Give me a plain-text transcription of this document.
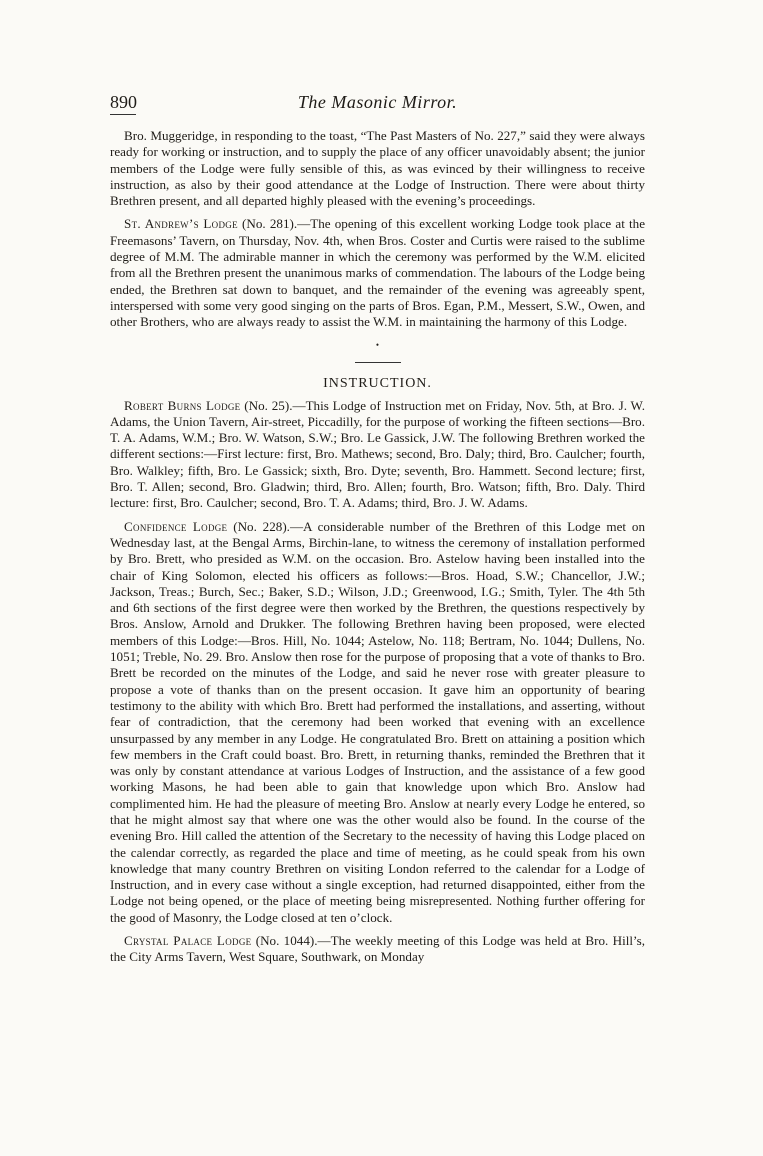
890	The Masonic Mirror.

Bro. Muggeridge, in responding to the toast, “The Past Masters of No. 227,” said they were always ready for working or instruction, and to supply the place of any officer unavoidably absent; the junior members of the Lodge were fully sensible of this, as was evinced by their willingness to receive instruction, as also by their good attendance at the Lodge of Instruction. There were about thirty Brethren present, and all departed highly pleased with the evening’s proceedings.

St. Andrew’s Lodge (No. 281).—The opening of this excellent working Lodge took place at the Freemasons’ Tavern, on Thursday, Nov. 4th, when Bros. Coster and Curtis were raised to the sublime degree of M.M. The admirable manner in which the ceremony was performed by the W.M. elicited from all the Brethren present the unanimous marks of commendation. The labours of the Lodge being ended, the Brethren sat down to banquet, and the remainder of the evening was agreeably spent, interspersed with some very good singing on the parts of Bros. Egan, P.M., Messert, S.W., Owen, and other Brothers, who are always ready to assist the W.M. in maintaining the harmony of this Lodge.

•
INSTRUCTION.

Robert Burns Lodge (No. 25).—This Lodge of Instruction met on Friday, Nov. 5th, at Bro. J. W. Adams, the Union Tavern, Air-street, Piccadilly, for the purpose of working the fifteen sections—Bro. T. A. Adams, W.M.; Bro. W. Watson, S.W.; Bro. Le Gassick, J.W. The following Brethren worked the different sections:—First lecture: first, Bro. Mathews; second, Bro. Daly; third, Bro. Caulcher; fourth, Bro. Walkley; fifth, Bro. Le Gassick; sixth, Bro. Dyte; seventh, Bro. Hammett. Second lecture; first, Bro. T. Allen; second, Bro. Gladwin; third, Bro. Allen; fourth, Bro. Watson; fifth, Bro. Daly. Third lecture: first, Bro. Caulcher; second, Bro. T. A. Adams; third, Bro. J. W. Adams.

Confidence Lodge (No. 228).—A considerable number of the Brethren of this Lodge met on Wednesday last, at the Bengal Arms, Birchin-lane, to witness the ceremony of installation performed by Bro. Brett, who presided as W.M. on the occasion. Bro. Astelow having been installed into the chair of King Solomon, elected his officers as follows:—Bros. Hoad, S.W.; Chancellor, J.W.; Jackson, Treas.; Burch, Sec.; Baker, S.D.; Wilson, J.D.; Greenwood, I.G.; Smith, Tyler. The 4th 5th and 6th sections of the first degree were then worked by the Brethren, the questions respectively by Bros. Anslow, Arnold and Drukker. The following Brethren having been proposed, were elected members of this Lodge:—Bros. Hill, No. 1044; Astelow, No. 118; Bertram, No. 1044; Dullens, No. 1051; Treble, No. 29. Bro. Anslow then rose for the purpose of proposing that a vote of thanks to Bro. Brett be recorded on the minutes of the Lodge, and said he never rose with greater pleasure to propose a vote of thanks than on the present occasion. It gave him an opportunity of bearing testimony to the ability with which Bro. Brett had performed the installations, and asserting, without fear of contradiction, that the ceremony had been worked that evening with an excellence unsurpassed by any member in any Lodge. He congratulated Bro. Brett on attaining a position which few members in the Craft could boast. Bro. Brett, in returning thanks, reminded the Brethren that it was only by constant attendance at various Lodges of Instruction, and the assistance of a few good working Masons, he had been able to gain that knowledge upon which Bro. Anslow had complimented him. He had the pleasure of meeting Bro. Anslow at nearly every Lodge he entered, so that he might almost say that where one was the other would also be found. In the course of the evening Bro. Hill called the attention of the Secretary to the necessity of having this Lodge placed on the calendar correctly, as regarded the place and time of meeting, as he could speak from his own knowledge that many country Brethren on visiting London referred to the calendar for a Lodge of Instruction, and in every case without a single exception, had returned disappointed, either from the Lodge not being opened, or the place of meeting being misrepresented. Nothing further offering for the good of Masonry, the Lodge closed at ten o’clock.

Crystal Palace Lodge (No. 1044).—The weekly meeting of this Lodge was held at Bro. Hill’s, the City Arms Tavern, West Square, Southwark, on Monday
